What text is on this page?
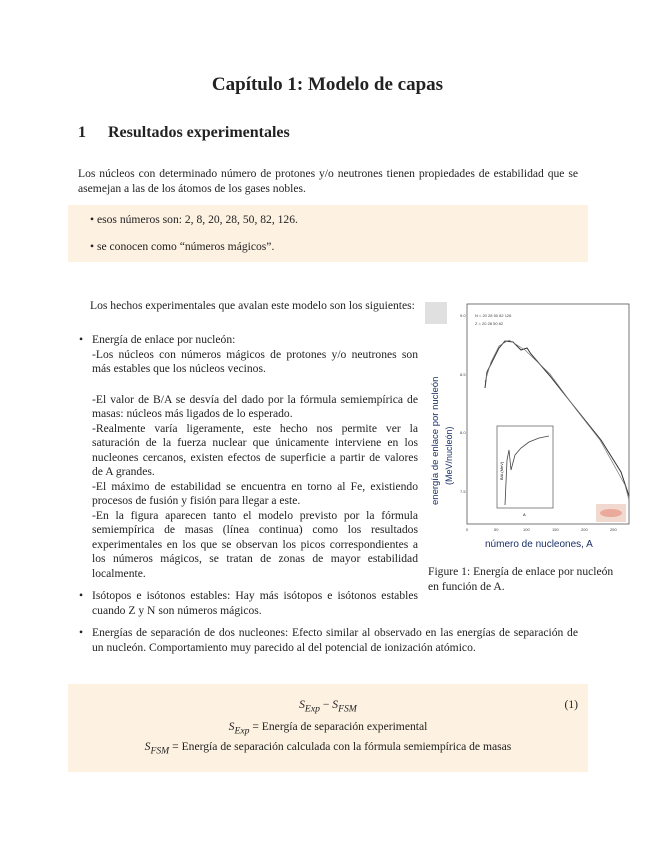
Capítulo 1: Modelo de capas
1 Resultados experimentales
Los núcleos con determinado número de protones y/o neutrones tienen propiedades de estabilidad que se asemejan a las de los átomos de los gases nobles.
• esos números son: 2, 8, 20, 28, 50, 82, 126.
• se conocen como “números mágicos”.
Los hechos experimentales que avalan este modelo son los siguientes:
• Energía de enlace por nucleón:
-Los núcleos con números mágicos de protones y/o neutrones son más estables que los núcleos vecinos.
-El valor de B/A se desvía del dado por la fórmula semiempírica de masas: núcleos más ligados de lo esperado.
-Realmente varía ligeramente, este hecho nos permite ver la saturación de la fuerza nuclear que únicamente interviene en los nucleones cercanos, existen efectos de superficie a partir de valores de A grandes.
-El máximo de estabilidad se encuentra en torno al Fe, existiendo procesos de fusión y fisión para llegar a este.
-En la figura aparecen tanto el modelo previsto por la fórmula semiempírica de masas (línea continua) como los resultados experimentales en los que se observan los picos correspondientes a los números mágicos, se tratan de zonas de mayor estabilidad localmente.
• Isótopos e isótonos estables: Hay más isótopos e isótonos estables cuando Z y N son números mágicos.
• Energías de separación de dos nucleones: Efecto similar al observado en las energías de separación de un nucleón. Comportamiento muy parecido al del potencial de ionización atómico.
N = 20 28 50 82 126
Z = 20 28 50 82
9.0
8.5
8.0
7.5
0	50	100	150	200	250
B/A (MeV)
A
energía de enlace por nucleón (MeV/nucleón)
número de nucleones, A
Figure 1: Energía de enlace por nucleón en función de A.
$S_{Exp} - S_{FSM}$	(1)
$S_{Exp}$ = Energía de separación experimental
$S_{FSM}$ = Energía de separación calculada con la fórmula semiempírica de masas
